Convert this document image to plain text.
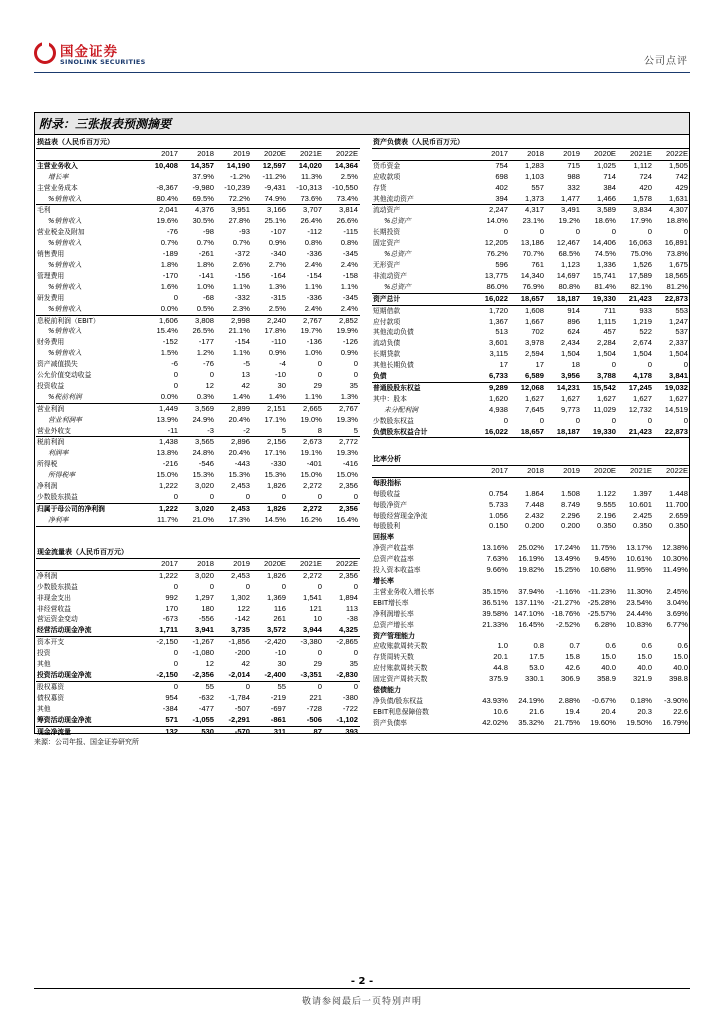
国金证券
SINOLINK SECURITIES	公司点评
附录：三张报表预测摘要
损益表（人民币百万元）						
	2017	2018	2019	2020E	2021E	2022E
主营业务收入	10,408	14,357	14,190	12,597	14,020	14,364
增长率		37.9%	-1.2%	-11.2%	11.3%	2.5%
主营业务成本	-8,367	-9,980	-10,239	-9,431	-10,313	-10,550
%销售收入	80.4%	69.5%	72.2%	74.9%	73.6%	73.4%
毛利	2,041	4,376	3,951	3,166	3,707	3,814
%销售收入	19.6%	30.5%	27.8%	25.1%	26.4%	26.6%
营业税金及附加	-76	-98	-93	-107	-112	-115
%销售收入	0.7%	0.7%	0.7%	0.9%	0.8%	0.8%
销售费用	-189	-261	-372	-340	-336	-345
%销售收入	1.8%	1.8%	2.6%	2.7%	2.4%	2.4%
管理费用	-170	-141	-156	-164	-154	-158
%销售收入	1.6%	1.0%	1.1%	1.3%	1.1%	1.1%
研发费用	0	-68	-332	-315	-336	-345
%销售收入	0.0%	0.5%	2.3%	2.5%	2.4%	2.4%
息税前利润（EBIT）	1,606	3,808	2,998	2,240	2,767	2,852
%销售收入	15.4%	26.5%	21.1%	17.8%	19.7%	19.9%
财务费用	-152	-177	-154	-110	-136	-126
%销售收入	1.5%	1.2%	1.1%	0.9%	1.0%	0.9%
资产减值损失	-6	-76	-5	-4	0	0
公允价值变动收益	0	0	13	-10	0	0
投资收益	0	12	42	30	29	35
%税前利润	0.0%	0.3%	1.4%	1.4%	1.1%	1.3%
营业利润	1,449	3,569	2,899	2,151	2,665	2,767
营业利润率	13.9%	24.9%	20.4%	17.1%	19.0%	19.3%
营业外收支	-11	-3	-2	5	8	5
税前利润	1,438	3,565	2,896	2,156	2,673	2,772
利润率	13.8%	24.8%	20.4%	17.1%	19.1%	19.3%
所得税	-216	-546	-443	-330	-401	-416
所得税率	15.0%	15.3%	15.3%	15.3%	15.0%	15.0%
净利润	1,222	3,020	2,453	1,826	2,272	2,356
少数股东损益	0	0	0	0	0	0
归属于母公司的净利润	1,222	3,020	2,453	1,826	2,272	2,356
净利率	11.7%	21.0%	17.3%	14.5%	16.2%	16.4%
资产负债表（人民币百万元）						
	2017	2018	2019	2020E	2021E	2022E
货币资金	754	1,283	715	1,025	1,112	1,505
应收款项	698	1,103	988	714	724	742
存货	402	557	332	384	420	429
其他流动资产	394	1,373	1,477	1,466	1,578	1,631
流动资产	2,247	4,317	3,491	3,589	3,834	4,307
%总资产	14.0%	23.1%	19.2%	18.6%	17.9%	18.8%
长期投资	0	0	0	0	0	0
固定资产	12,205	13,186	12,467	14,406	16,063	16,891
%总资产	76.2%	70.7%	68.5%	74.5%	75.0%	73.8%
无形资产	596	761	1,123	1,336	1,526	1,675
非流动资产	13,775	14,340	14,697	15,741	17,589	18,565
%总资产	86.0%	76.9%	80.8%	81.4%	82.1%	81.2%
资产总计	16,022	18,657	18,187	19,330	21,423	22,873
短期借款	1,720	1,608	914	711	933	553
应付款项	1,367	1,667	896	1,115	1,219	1,247
其他流动负债	513	702	624	457	522	537
流动负债	3,601	3,978	2,434	2,284	2,674	2,337
长期贷款	3,115	2,594	1,504	1,504	1,504	1,504
其他长期负债	17	17	18	0	0	0
负债	6,733	6,589	3,956	3,788	4,178	3,841
普通股股东权益	9,289	12,068	14,231	15,542	17,245	19,032
其中：股本	1,620	1,627	1,627	1,627	1,627	1,627
未分配利润	4,938	7,645	9,773	11,029	12,732	14,519
少数股东权益	0	0	0	0	0	0
负债股东权益合计	16,022	18,657	18,187	19,330	21,423	22,873
比率分析						
	2017	2018	2019	2020E	2021E	2022E
每股指标						
每股收益	0.754	1.864	1.508	1.122	1.397	1.448
每股净资产	5.733	7.448	8.749	9.555	10.601	11.700
每股经营现金净流	1.056	2.432	2.296	2.196	2.425	2.659
每股股利	0.150	0.200	0.200	0.350	0.350	0.350
回报率						
净资产收益率	13.16%	25.02%	17.24%	11.75%	13.17%	12.38%
总资产收益率	7.63%	16.19%	13.49%	9.45%	10.61%	10.30%
投入资本收益率	9.66%	19.82%	15.25%	10.68%	11.95%	11.49%
增长率						
主营业务收入增长率	35.15%	37.94%	-1.16%	-11.23%	11.30%	2.45%
EBIT增长率	36.51%	137.11%	-21.27%	-25.28%	23.54%	3.04%
净利润增长率	39.58%	147.10%	-18.76%	-25.57%	24.44%	3.69%
总资产增长率	21.33%	16.45%	-2.52%	6.28%	10.83%	6.77%
资产管理能力						
应收账款周转天数	1.0	0.8	0.7	0.6	0.6	0.6
存货周转天数	20.1	17.5	15.8	15.0	15.0	15.0
应付账款周转天数	44.8	53.0	42.6	40.0	40.0	40.0
固定资产周转天数	375.9	330.1	306.9	358.9	321.9	398.8
偿债能力						
净负债/股东权益	43.93%	24.19%	2.88%	-0.67%	0.18%	-3.90%
EBIT利息保障倍数	10.6	21.6	19.4	20.4	20.3	22.6
资产负债率	42.02%	35.32%	21.75%	19.60%	19.50%	16.79%
现金流量表（人民币百万元）						
	2017	2018	2019	2020E	2021E	2022E
净利润	1,222	3,020	2,453	1,826	2,272	2,356
少数股东损益	0	0	0	0	0	0
非现金支出	992	1,297	1,302	1,369	1,541	1,894
非经营收益	170	180	122	116	121	113
营运资金变动	-673	-556	-142	261	10	-38
经营活动现金净流	1,711	3,941	3,735	3,572	3,944	4,325
资本开支	-2,150	-1,267	-1,856	-2,420	-3,380	-2,865
投资	0	-1,080	-200	-10	0	0
其他	0	12	42	30	29	35
投资活动现金净流	-2,150	-2,356	-2,014	-2,400	-3,351	-2,830
股权募资	0	55	0	55	0	0
债权募资	954	-632	-1,784	-219	221	-380
其他	-384	-477	-507	-697	-728	-722
筹资活动现金净流	571	-1,055	-2,291	-861	-506	-1,102
现金净流量	132	530	-570	311	87	393
来源：公司年报、国金证券研究所
- 2 -
敬请参阅最后一页特别声明
